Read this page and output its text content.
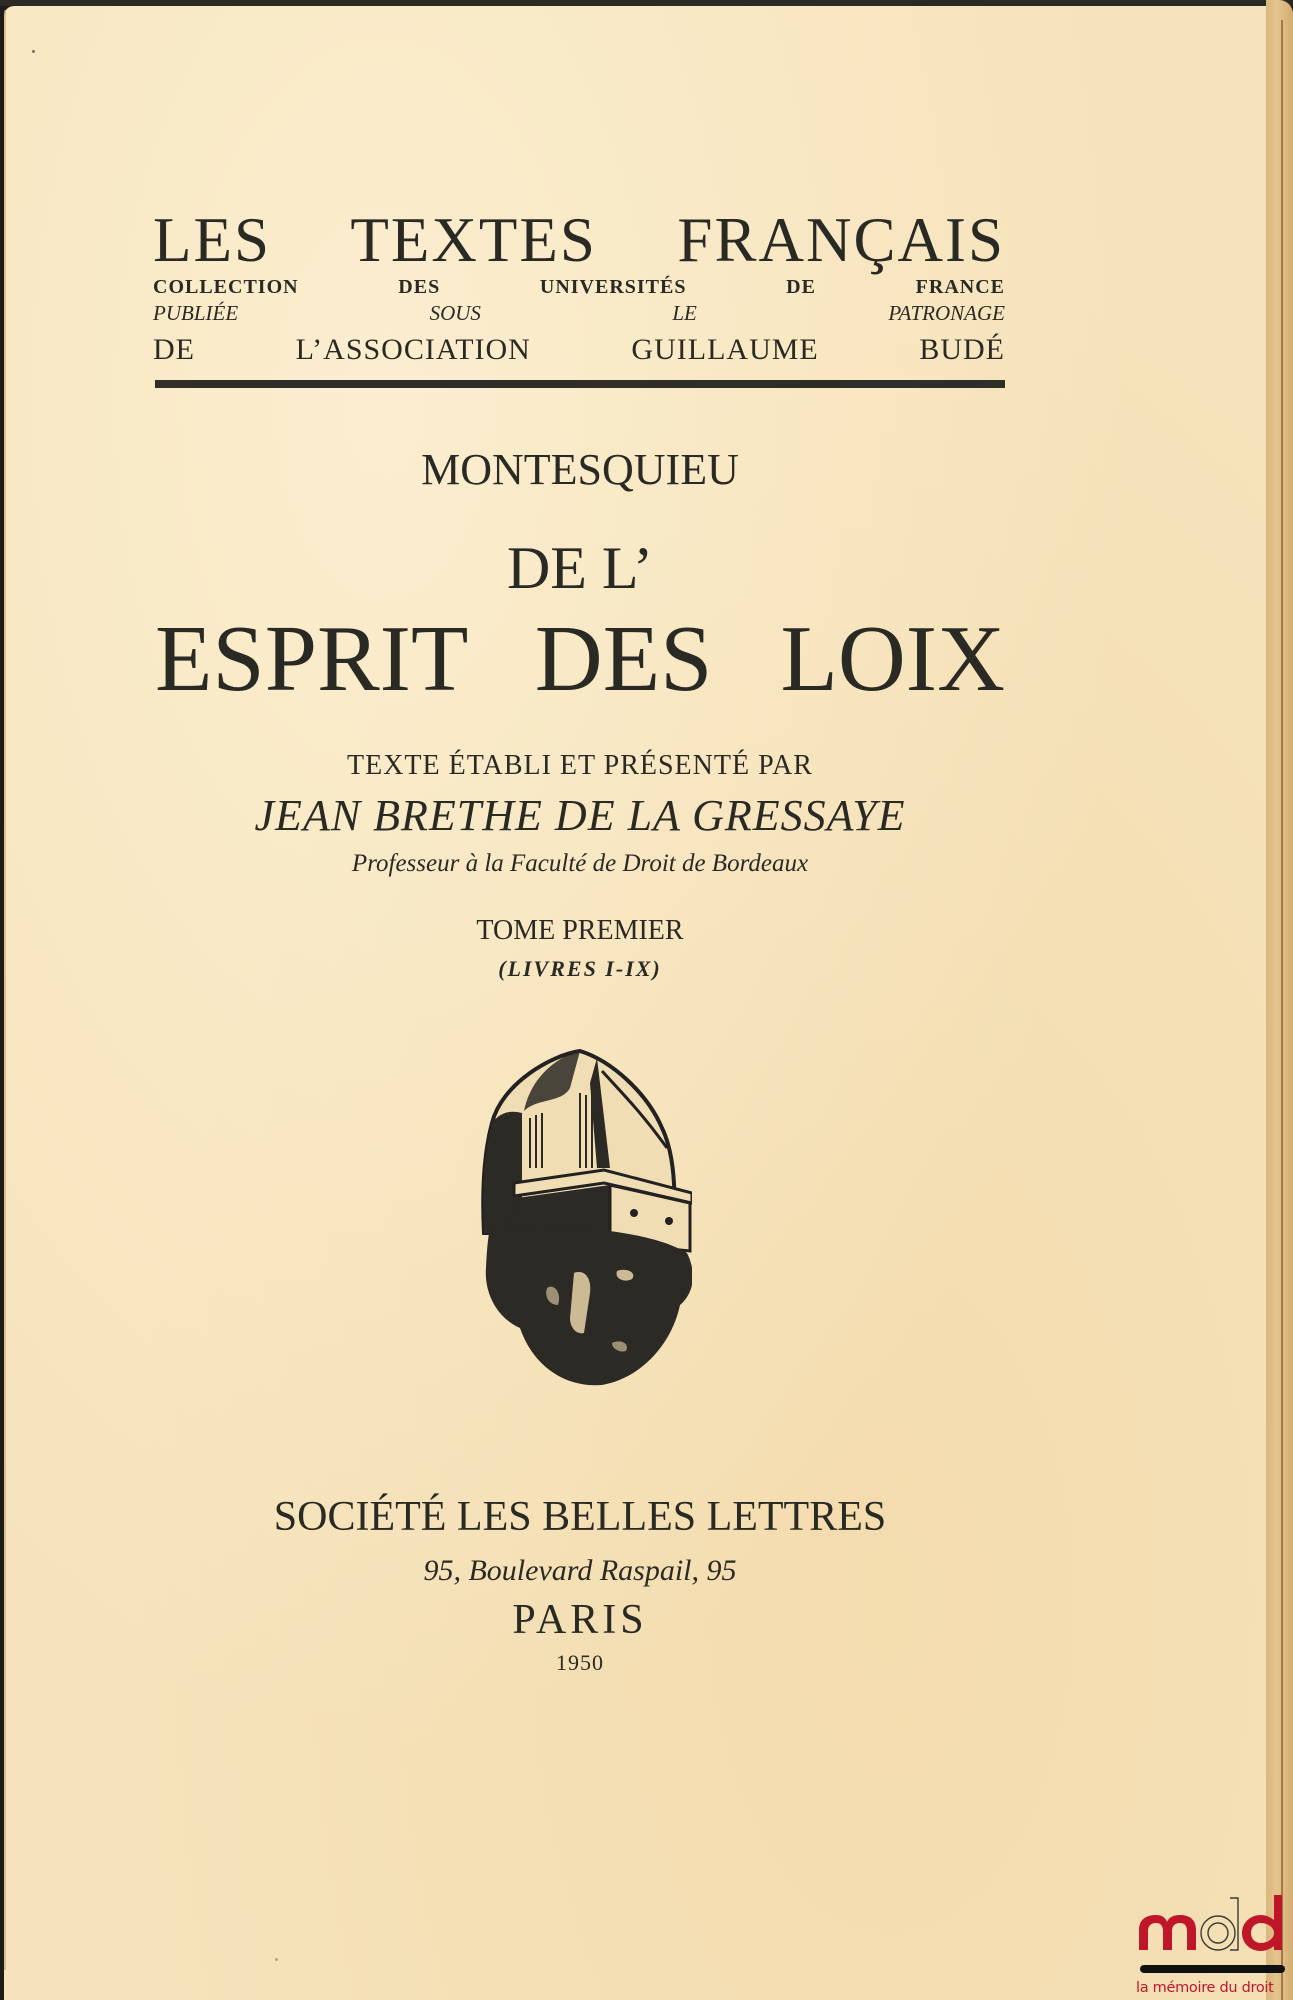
LES TEXTES FRANÇAIS
COLLECTION DES UNIVERSITÉS DE FRANCE
PUBLIÉE SOUS LE PATRONAGE
DE L’ASSOCIATION GUILLAUME BUDÉ
MONTESQUIEU
DE L’
ESPRIT DES LOIX
TEXTE ÉTABLI ET PRÉSENTÉ PAR
JEAN BRETHE DE LA GRESSAYE
Professeur à la Faculté de Droit de Bordeaux
TOME PREMIER
(LIVRES I-IX)
SOCIÉTÉ LES BELLES LETTRES
95, Boulevard Raspail, 95
PARIS
1950
la mémoire du droit
